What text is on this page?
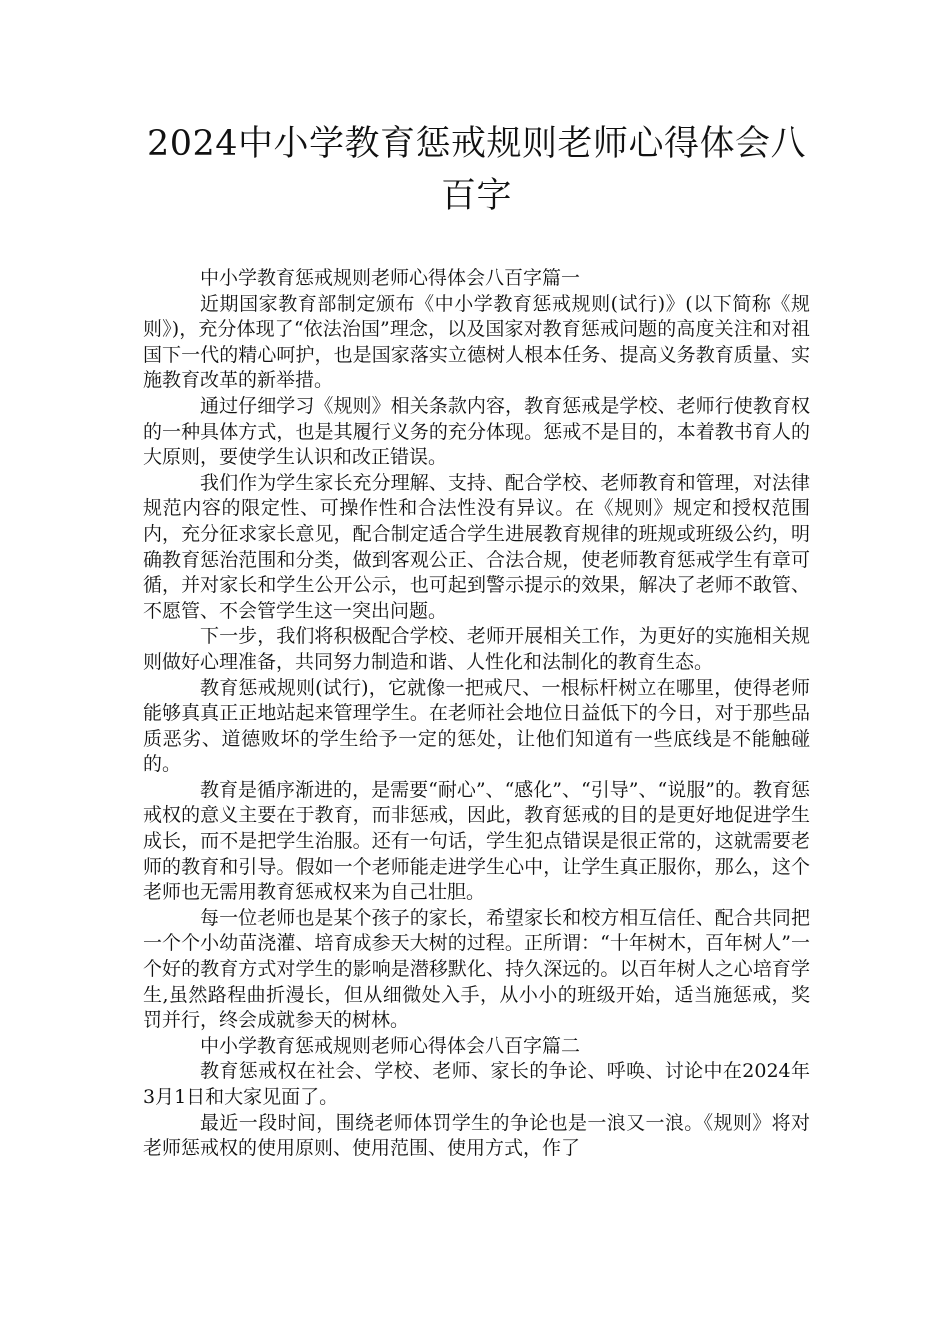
2024中小学教育惩戒规则老师心得体会八百字

中小学教育惩戒规则老师心得体会八百字篇一

近期国家教育部制定颁布《中小学教育惩戒规则(试行)》(以下简称《规则》)，充分体现了“依法治国”理念，以及国家对教育惩戒问题的高度关注和对祖国下一代的精心呵护，也是国家落实立德树人根本任务、提高义务教育质量、实施教育改革的新举措。

通过仔细学习《规则》相关条款内容，教育惩戒是学校、老师行使教育权的一种具体方式，也是其履行义务的充分体现。惩戒不是目的，本着教书育人的大原则，要使学生认识和改正错误。

我们作为学生家长充分理解、支持、配合学校、老师教育和管理，对法律规范内容的限定性、可操作性和合法性没有异议。在《规则》规定和授权范围内，充分征求家长意见，配合制定适合学生进展教育规律的班规或班级公约，明确教育惩治范围和分类，做到客观公正、合法合规，使老师教育惩戒学生有章可循，并对家长和学生公开公示，也可起到警示提示的效果，解决了老师不敢管、不愿管、不会管学生这一突出问题。

下一步，我们将积极配合学校、老师开展相关工作，为更好的实施相关规则做好心理准备，共同努力制造和谐、人性化和法制化的教育生态。

教育惩戒规则(试行)，它就像一把戒尺、一根标杆树立在哪里，使得老师能够真真正正地站起来管理学生。在老师社会地位日益低下的今日，对于那些品质恶劣、道德败坏的学生给予一定的惩处，让他们知道有一些底线是不能触碰的。

教育是循序渐进的，是需要“耐心”、“感化”、“引导”、“说服”的。教育惩戒权的意义主要在于教育，而非惩戒，因此，教育惩戒的目的是更好地促进学生成长，而不是把学生治服。还有一句话，学生犯点错误是很正常的，这就需要老师的教育和引导。假如一个老师能走进学生心中，让学生真正服你，那么，这个老师也无需用教育惩戒权来为自己壮胆。

每一位老师也是某个孩子的家长，希望家长和校方相互信任、配合共同把一个个小幼苗浇灌、培育成参天大树的过程。正所谓：“十年树木，百年树人”一个好的教育方式对学生的影响是潜移默化、持久深远的。以百年树人之心培育学生,虽然路程曲折漫长，但从细微处入手，从小小的班级开始，适当施惩戒，奖罚并行，终会成就参天的树林。

中小学教育惩戒规则老师心得体会八百字篇二

教育惩戒权在社会、学校、老师、家长的争论、呼唤、讨论中在2024年3月1日和大家见面了。

最近一段时间，围绕老师体罚学生的争论也是一浪又一浪。《规则》将对老师惩戒权的使用原则、使用范围、使用方式，作了
